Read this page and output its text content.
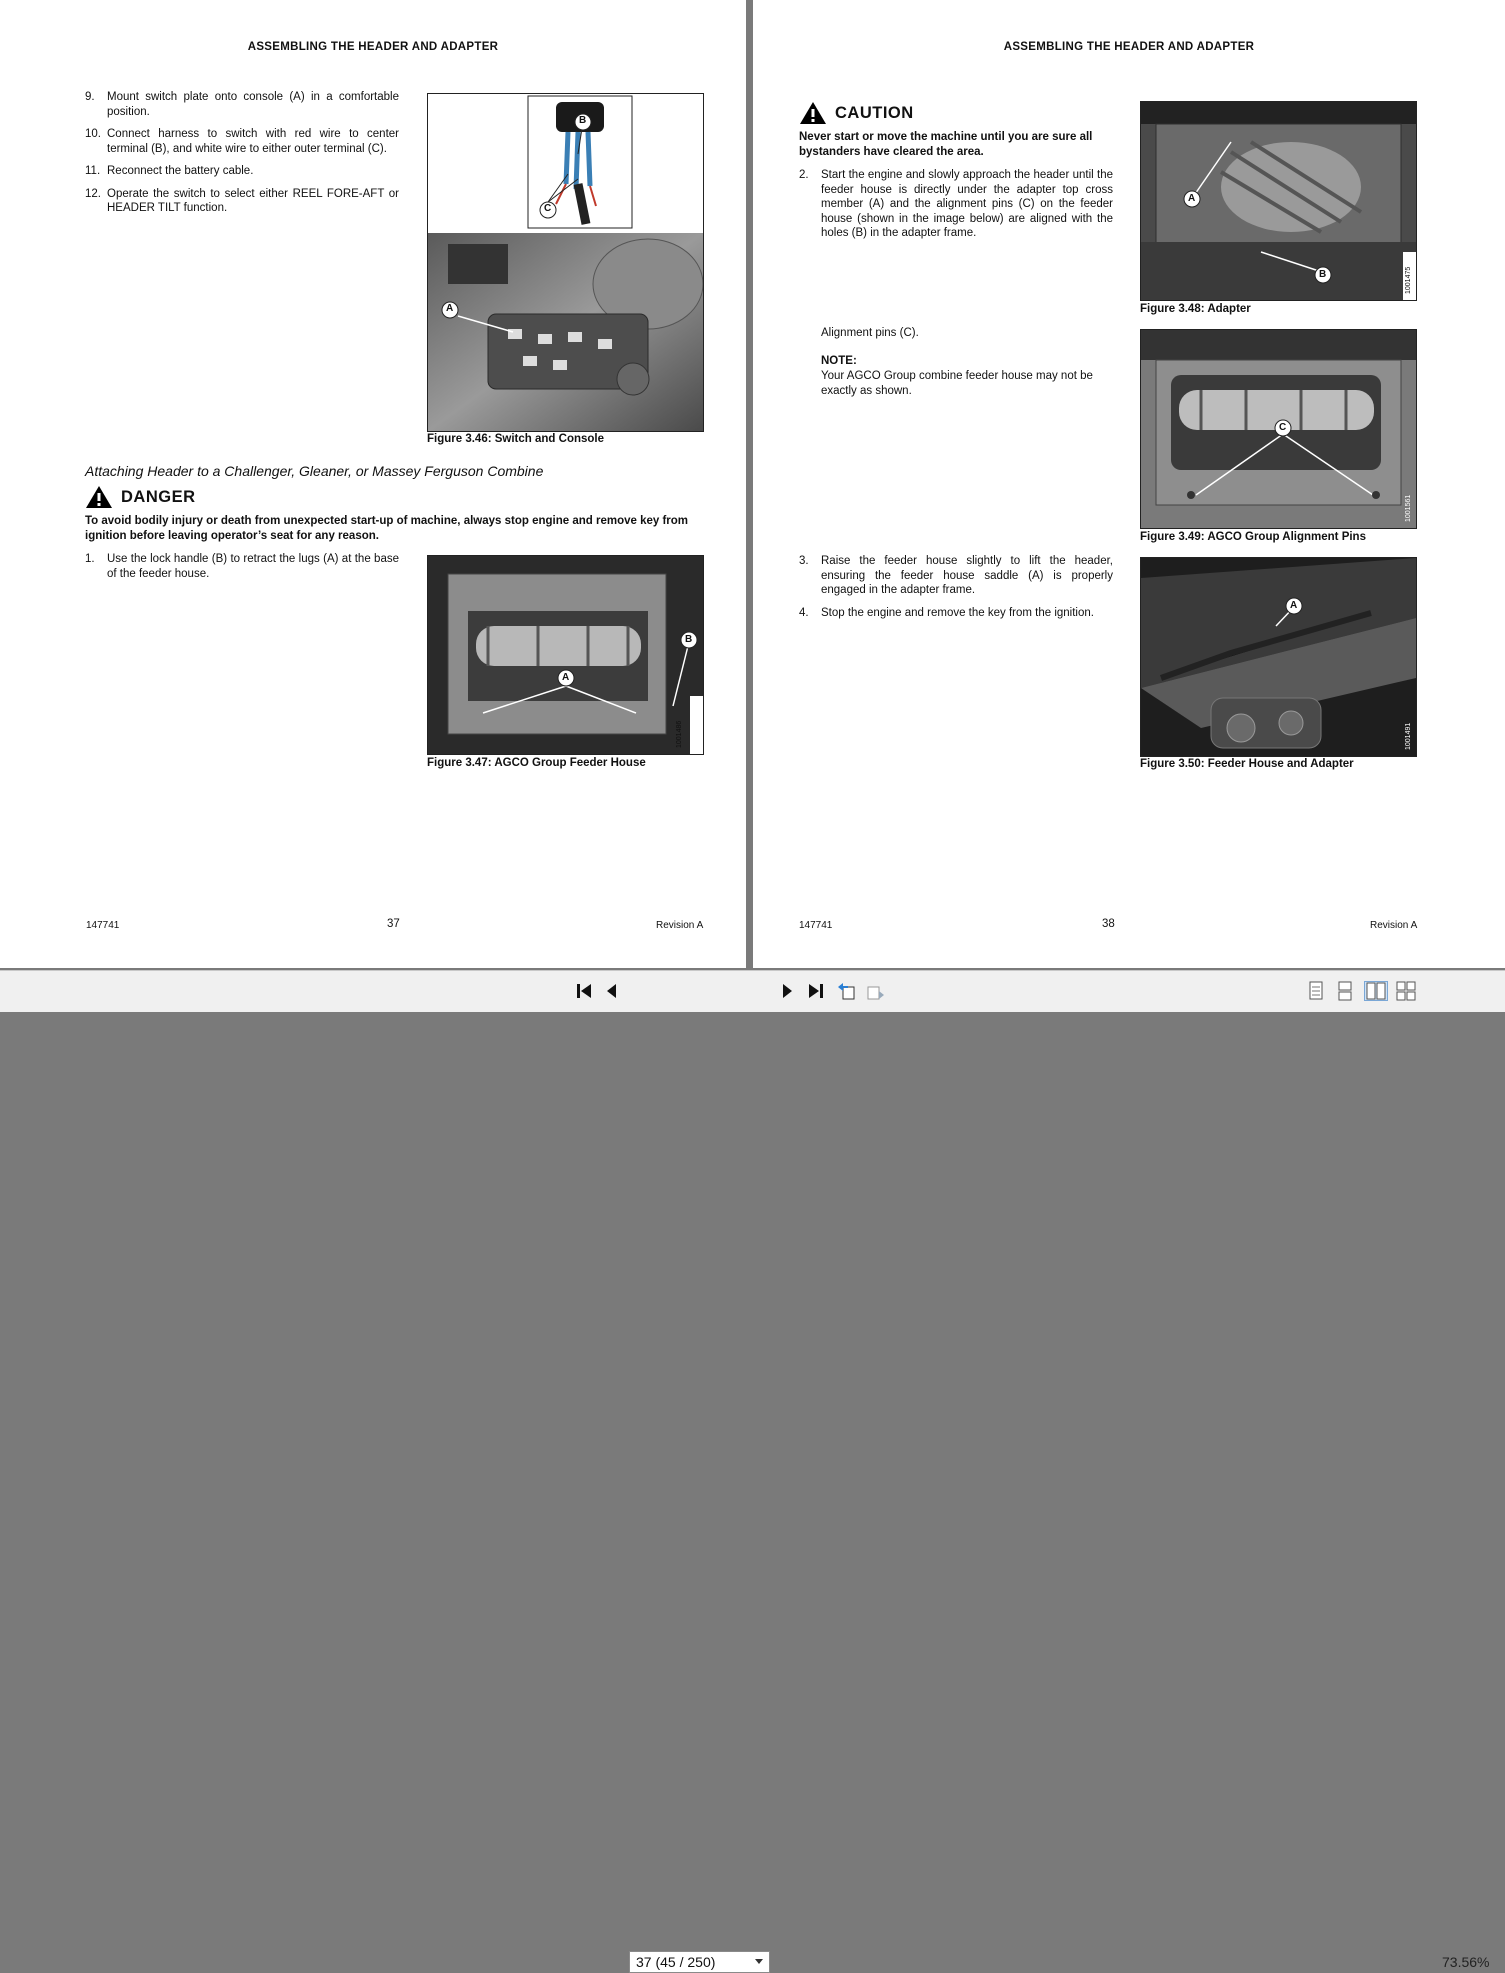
ASSEMBLING THE HEADER AND ADAPTER
9. Mount switch plate onto console (A) in a comfortable position.
10. Connect harness to switch with red wire to center terminal (B), and white wire to either outer terminal (C).
11. Reconnect the battery cable.
12. Operate the switch to select either REEL FORE-AFT or HEADER TILT function.
B
C
A
Figure 3.46: Switch and Console
Attaching Header to a Challenger, Gleaner, or Massey Ferguson Combine
DANGER
To avoid bodily injury or death from unexpected start-up of machine, always stop engine and remove key from ignition before leaving operator’s seat for any reason.
1. Use the lock handle (B) to retract the lugs (A) at the base of the feeder house.
A
B
1001486
Figure 3.47: AGCO Group Feeder House
147741	37	Revision A
ASSEMBLING THE HEADER AND ADAPTER
CAUTION
Never start or move the machine until you are sure all bystanders have cleared the area.
2. Start the engine and slowly approach the header until the feeder house is directly under the adapter top cross member (A) and the alignment pins (C) on the feeder house (shown in the image below) are aligned with the holes (B) in the adapter frame.
A
B	1001475
Figure 3.48: Adapter
Alignment pins (C).
NOTE:
Your AGCO Group combine feeder house may not be exactly as shown.
C
1001561
Figure 3.49: AGCO Group Alignment Pins
3. Raise the feeder house slightly to lift the header, ensuring the feeder house saddle (A) is properly engaged in the adapter frame.
4. Stop the engine and remove the key from the ignition.
A
1001491
Figure 3.50: Feeder House and Adapter
147741	38	Revision A
37 (45 / 250)	73.56%
